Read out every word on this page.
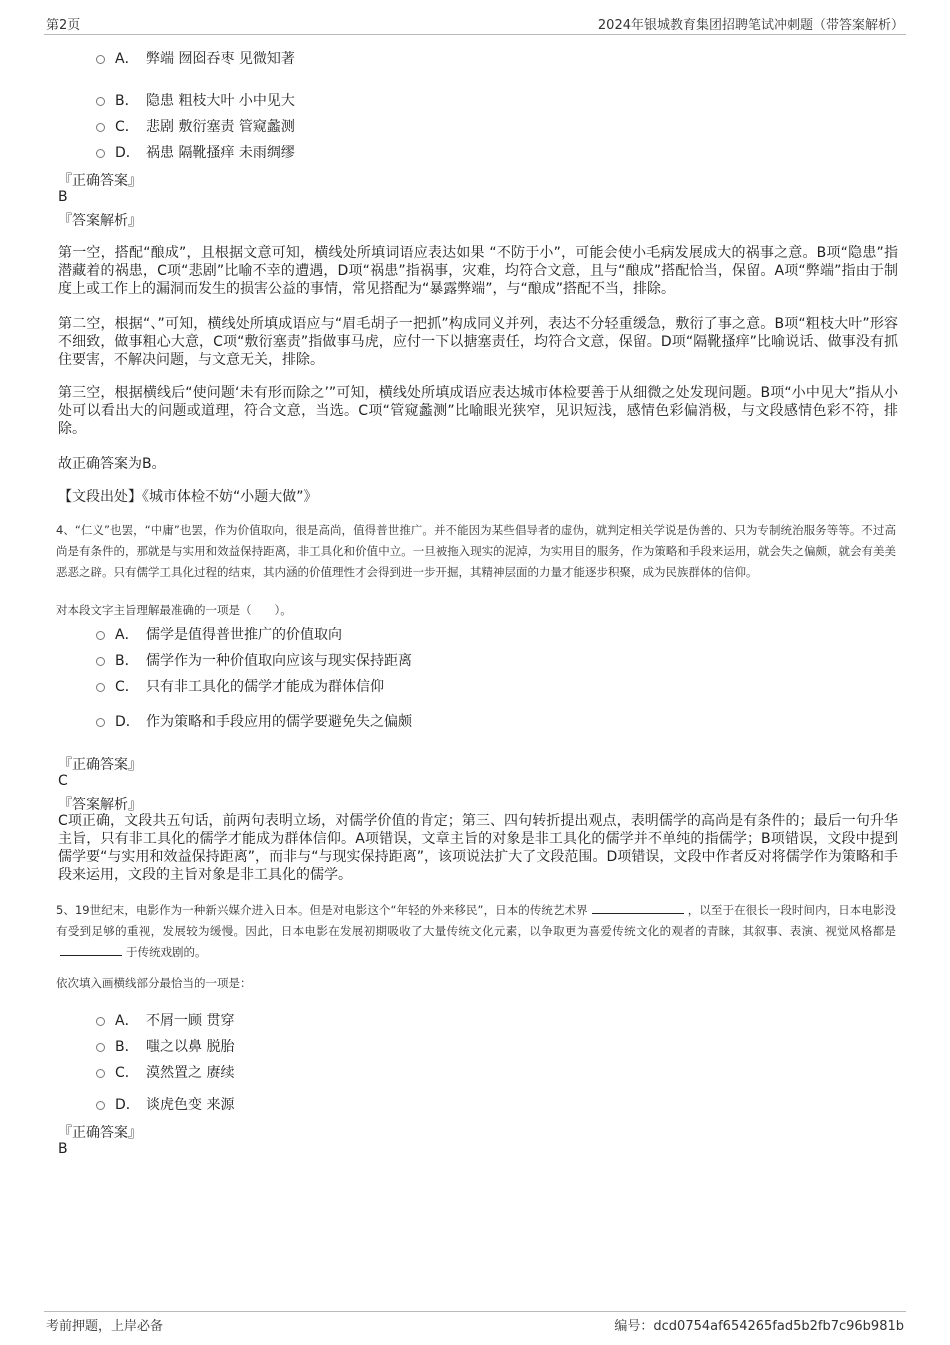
第2页	2024年银城教育集团招聘笔试冲刺题（带答案解析）
A． 弊端 囫囵吞枣 见微知著
B． 隐患 粗枝大叶 小中见大
C． 悲剧 敷衍塞责 管窥蠡测
D． 祸患 隔靴搔痒 未雨绸缪
『正确答案』
B
『答案解析』
第一空，搭配“酿成”，且根据文意可知，横线处所填词语应表达如果 “不防于小”，可能会使小毛病发展成大的祸事之意。B项“隐患”指潜藏着的祸患，C项“悲剧”比喻不幸的遭遇，D项“祸患”指祸事，灾难，均符合文意，且与“酿成”搭配恰当，保留。A项“弊端”指由于制度上或工作上的漏洞而发生的损害公益的事情，常见搭配为“暴露弊端”，与“酿成”搭配不当，排除。
第二空，根据“、”可知，横线处所填成语应与“眉毛胡子一把抓”构成同义并列，表达不分轻重缓急，敷衍了事之意。B项“粗枝大叶”形容不细致，做事粗心大意，C项“敷衍塞责”指做事马虎，应付一下以搪塞责任，均符合文意，保留。D项“隔靴搔痒”比喻说话、做事没有抓住要害，不解决问题，与文意无关，排除。
第三空，根据横线后“使问题‘未有形而除之’”可知，横线处所填成语应表达城市体检要善于从细微之处发现问题。B项“小中见大”指从小处可以看出大的问题或道理，符合文意，当选。C项“管窥蠡测”比喻眼光狭窄，见识短浅，感情色彩偏消极，与文段感情色彩不符，排除。
故正确答案为B。
【文段出处】《城市体检不妨“小题大做”》
4、“仁义”也罢，“中庸”也罢，作为价值取向，很是高尚，值得普世推广。并不能因为某些倡导者的虚伪，就判定相关学说是伪善的、只为专制统治服务等等。不过高尚是有条件的，那就是与实用和效益保持距离，非工具化和价值中立。一旦被拖入现实的泥淖，为实用目的服务，作为策略和手段来运用，就会失之偏颇，就会有美美恶恶之辟。只有儒学工具化过程的结束，其内涵的价值理性才会得到进一步开掘，其精神层面的力量才能逐步积聚，成为民族群体的信仰。
对本段文字主旨理解最准确的一项是（　　）。
A． 儒学是值得普世推广的价值取向
B． 儒学作为一种价值取向应该与现实保持距离
C． 只有非工具化的儒学才能成为群体信仰
D． 作为策略和手段应用的儒学要避免失之偏颇
『正确答案』
C
『答案解析』
C项正确，文段共五句话，前两句表明立场，对儒学价值的肯定；第三、四句转折提出观点，表明儒学的高尚是有条件的；最后一句升华主旨，只有非工具化的儒学才能成为群体信仰。A项错误，文章主旨的对象是非工具化的儒学并不单纯的指儒学；B项错误，文段中提到儒学要“与实用和效益保持距离”，而非与“与现实保持距离”，该项说法扩大了文段范围。D项错误，文段中作者反对将儒学作为策略和手段来运用，文段的主旨对象是非工具化的儒学。
5、19世纪末，电影作为一种新兴媒介进入日本。但是对电影这个“年轻的外来移民”，日本的传统艺术界	，以至于在很长一段时间内，日本电影没有受到足够的重视，发展较为缓慢。因此，日本电影在发展初期吸收了大量传统文化元素，以争取更为喜爱传统文化的观者的青睐，其叙事、表演、视觉风格都是于传统戏剧的。
依次填入画横线部分最恰当的一项是：
A． 不屑一顾 贯穿
B． 嗤之以鼻 脱胎
C． 漠然置之 赓续
D． 谈虎色变 来源
『正确答案』
B
考前押题，上岸必备	编号：dcd0754af654265fad5b2fb7c96b981b
